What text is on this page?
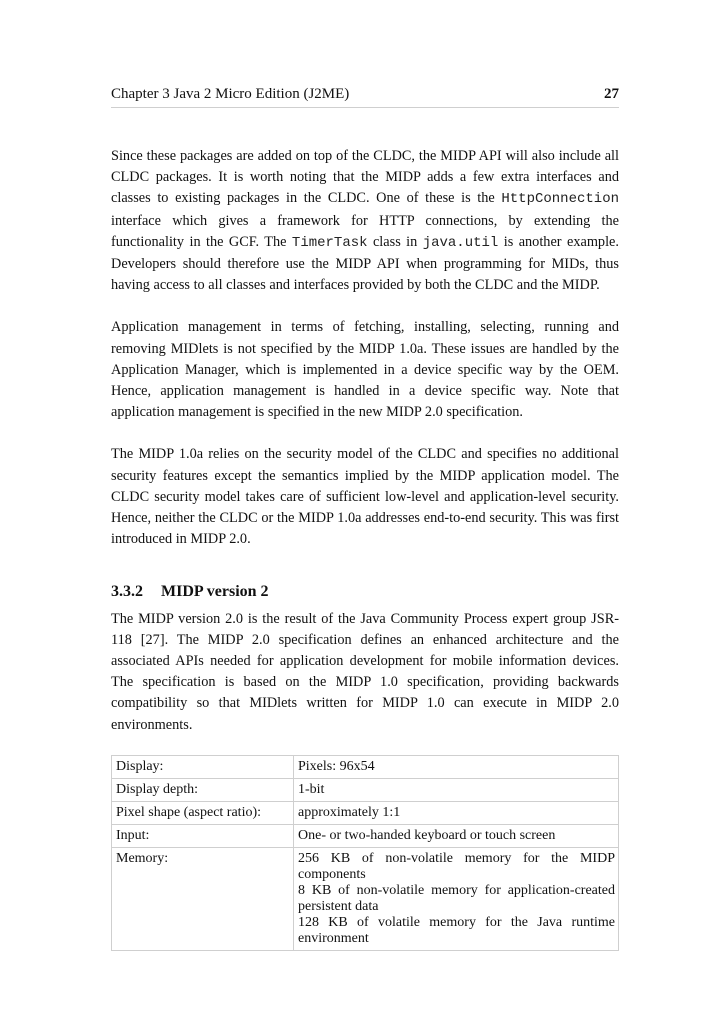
Chapter 3 Java 2 Micro Edition (J2ME)	27

Since these packages are added on top of the CLDC, the MIDP API will also include all CLDC packages. It is worth noting that the MIDP adds a few extra interfaces and classes to existing packages in the CLDC. One of these is the HttpConnection interface which gives a framework for HTTP connections, by extending the functionality in the GCF. The TimerTask class in java.util is another example. Developers should therefore use the MIDP API when programming for MIDs, thus having access to all classes and interfaces provided by both the CLDC and the MIDP.

Application management in terms of fetching, installing, selecting, running and removing MIDlets is not specified by the MIDP 1.0a. These issues are handled by the Application Manager, which is implemented in a device specific way by the OEM. Hence, application management is handled in a device specific way. Note that application management is specified in the new MIDP 2.0 specification.

The MIDP 1.0a relies on the security model of the CLDC and specifies no additional security features except the semantics implied by the MIDP application model. The CLDC security model takes care of sufficient low-level and application-level security. Hence, neither the CLDC or the MIDP 1.0a addresses end-to-end security. This was first introduced in MIDP 2.0.

3.3.2 MIDP version 2

The MIDP version 2.0 is the result of the Java Community Process expert group JSR-118 [27]. The MIDP 2.0 specification defines an enhanced architecture and the associated APIs needed for application development for mobile information devices. The specification is based on the MIDP 1.0 specification, providing backwards compatibility so that MIDlets written for MIDP 1.0 can execute in MIDP 2.0 environments.

Display:	Pixels: 96x54
Display depth:	1-bit
Pixel shape (aspect ratio):	approximately 1:1
Input:	One- or two-handed keyboard or touch screen
Memory:	256 KB of non-volatile memory for the MIDP components
8 KB of non-volatile memory for application-created persistent data
128 KB of volatile memory for the Java runtime environment
